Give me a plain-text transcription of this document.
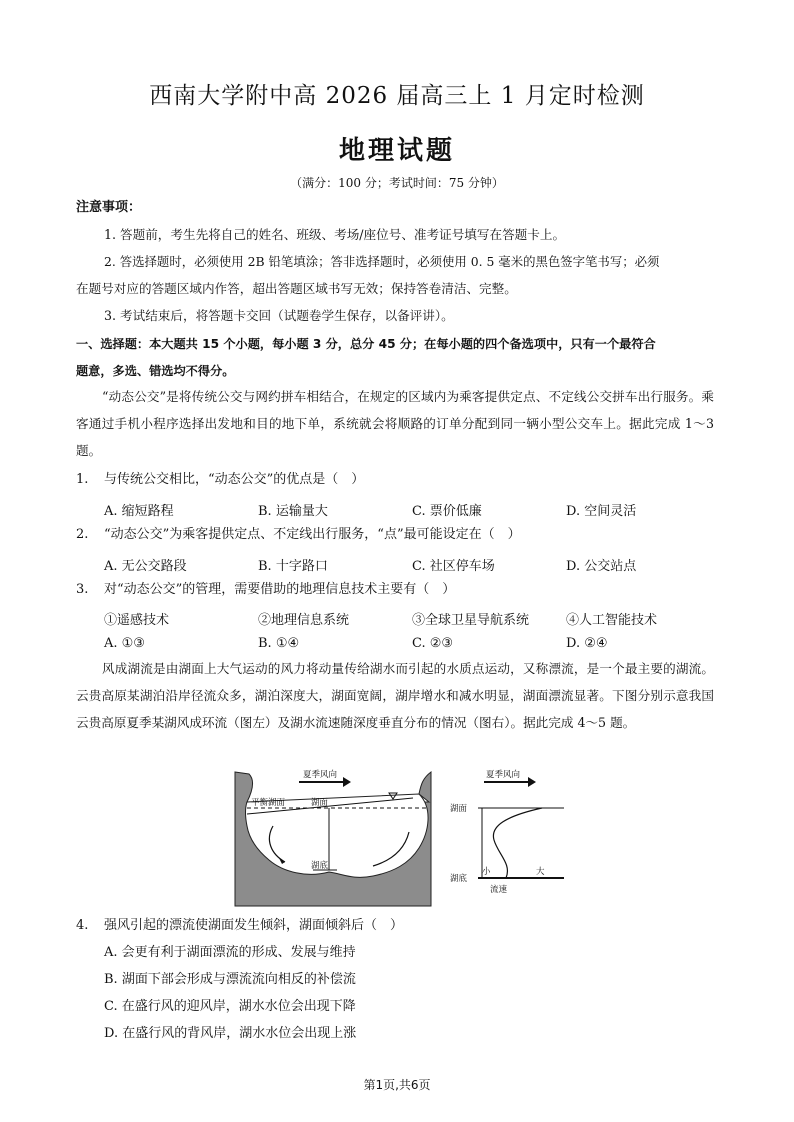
西南大学附中高 2026 届高三上 1 月定时检测
地理试题
（满分：100 分；考试时间：75 分钟）
注意事项：
1. 答题前，考生先将自己的姓名、班级、考场/座位号、准考证号填写在答题卡上。
2. 答选择题时，必须使用 2B 铅笔填涂；答非选择题时，必须使用 0. 5 毫米的黑色签字笔书写；必须
在题号对应的答题区域内作答，超出答题区域书写无效；保持答卷清洁、完整。
3. 考试结束后，将答题卡交回（试题卷学生保存，以备评讲）。
一、选择题：本大题共 15 个小题，每小题 3 分，总分 45 分；在每小题的四个备选项中，只有一个最符合
题意，多选、错选均不得分。
“动态公交”是将传统公交与网约拼车相结合，在规定的区域内为乘客提供定点、不定线公交拼车出行服务。乘客通过手机小程序选择出发地和目的地下单，系统就会将顺路的订单分配到同一辆小型公交车上。据此完成 1～3 题。
1. 与传统公交相比，“动态公交”的优点是（　）
A. 缩短路程	B. 运输量大	C. 票价低廉	D. 空间灵活
2. “动态公交”为乘客提供定点、不定线出行服务，“点”最可能设定在（　）
A. 无公交路段	B. 十字路口	C. 社区停车场	D. 公交站点
3. 对“动态公交”的管理，需要借助的地理信息技术主要有（　）
①遥感技术	②地理信息系统	③全球卫星导航系统	④人工智能技术
A. ①③	B. ①④	C. ②③	D. ②④
风成湖流是由湖面上大气运动的风力将动量传给湖水而引起的水质点运动，又称漂流，是一个最主要的湖流。云贵高原某湖泊沿岸径流众多，湖泊深度大，湖面宽阔，湖岸增水和减水明显，湖面漂流显著。下图分别示意我国云贵高原夏季某湖风成环流（图左）及湖水流速随深度垂直分布的情况（图右）。据此完成 4～5 题。
夏季风向
平衡湖面	湖面
湖底
夏季风向
湖面
湖底
小	大
流速
4. 强风引起的漂流使湖面发生倾斜，湖面倾斜后（　）
A. 会更有利于湖面漂流的形成、发展与维持
B. 湖面下部会形成与漂流流向相反的补偿流
C. 在盛行风的迎风岸，湖水水位会出现下降
D. 在盛行风的背风岸，湖水水位会出现上涨
第1页,共6页
